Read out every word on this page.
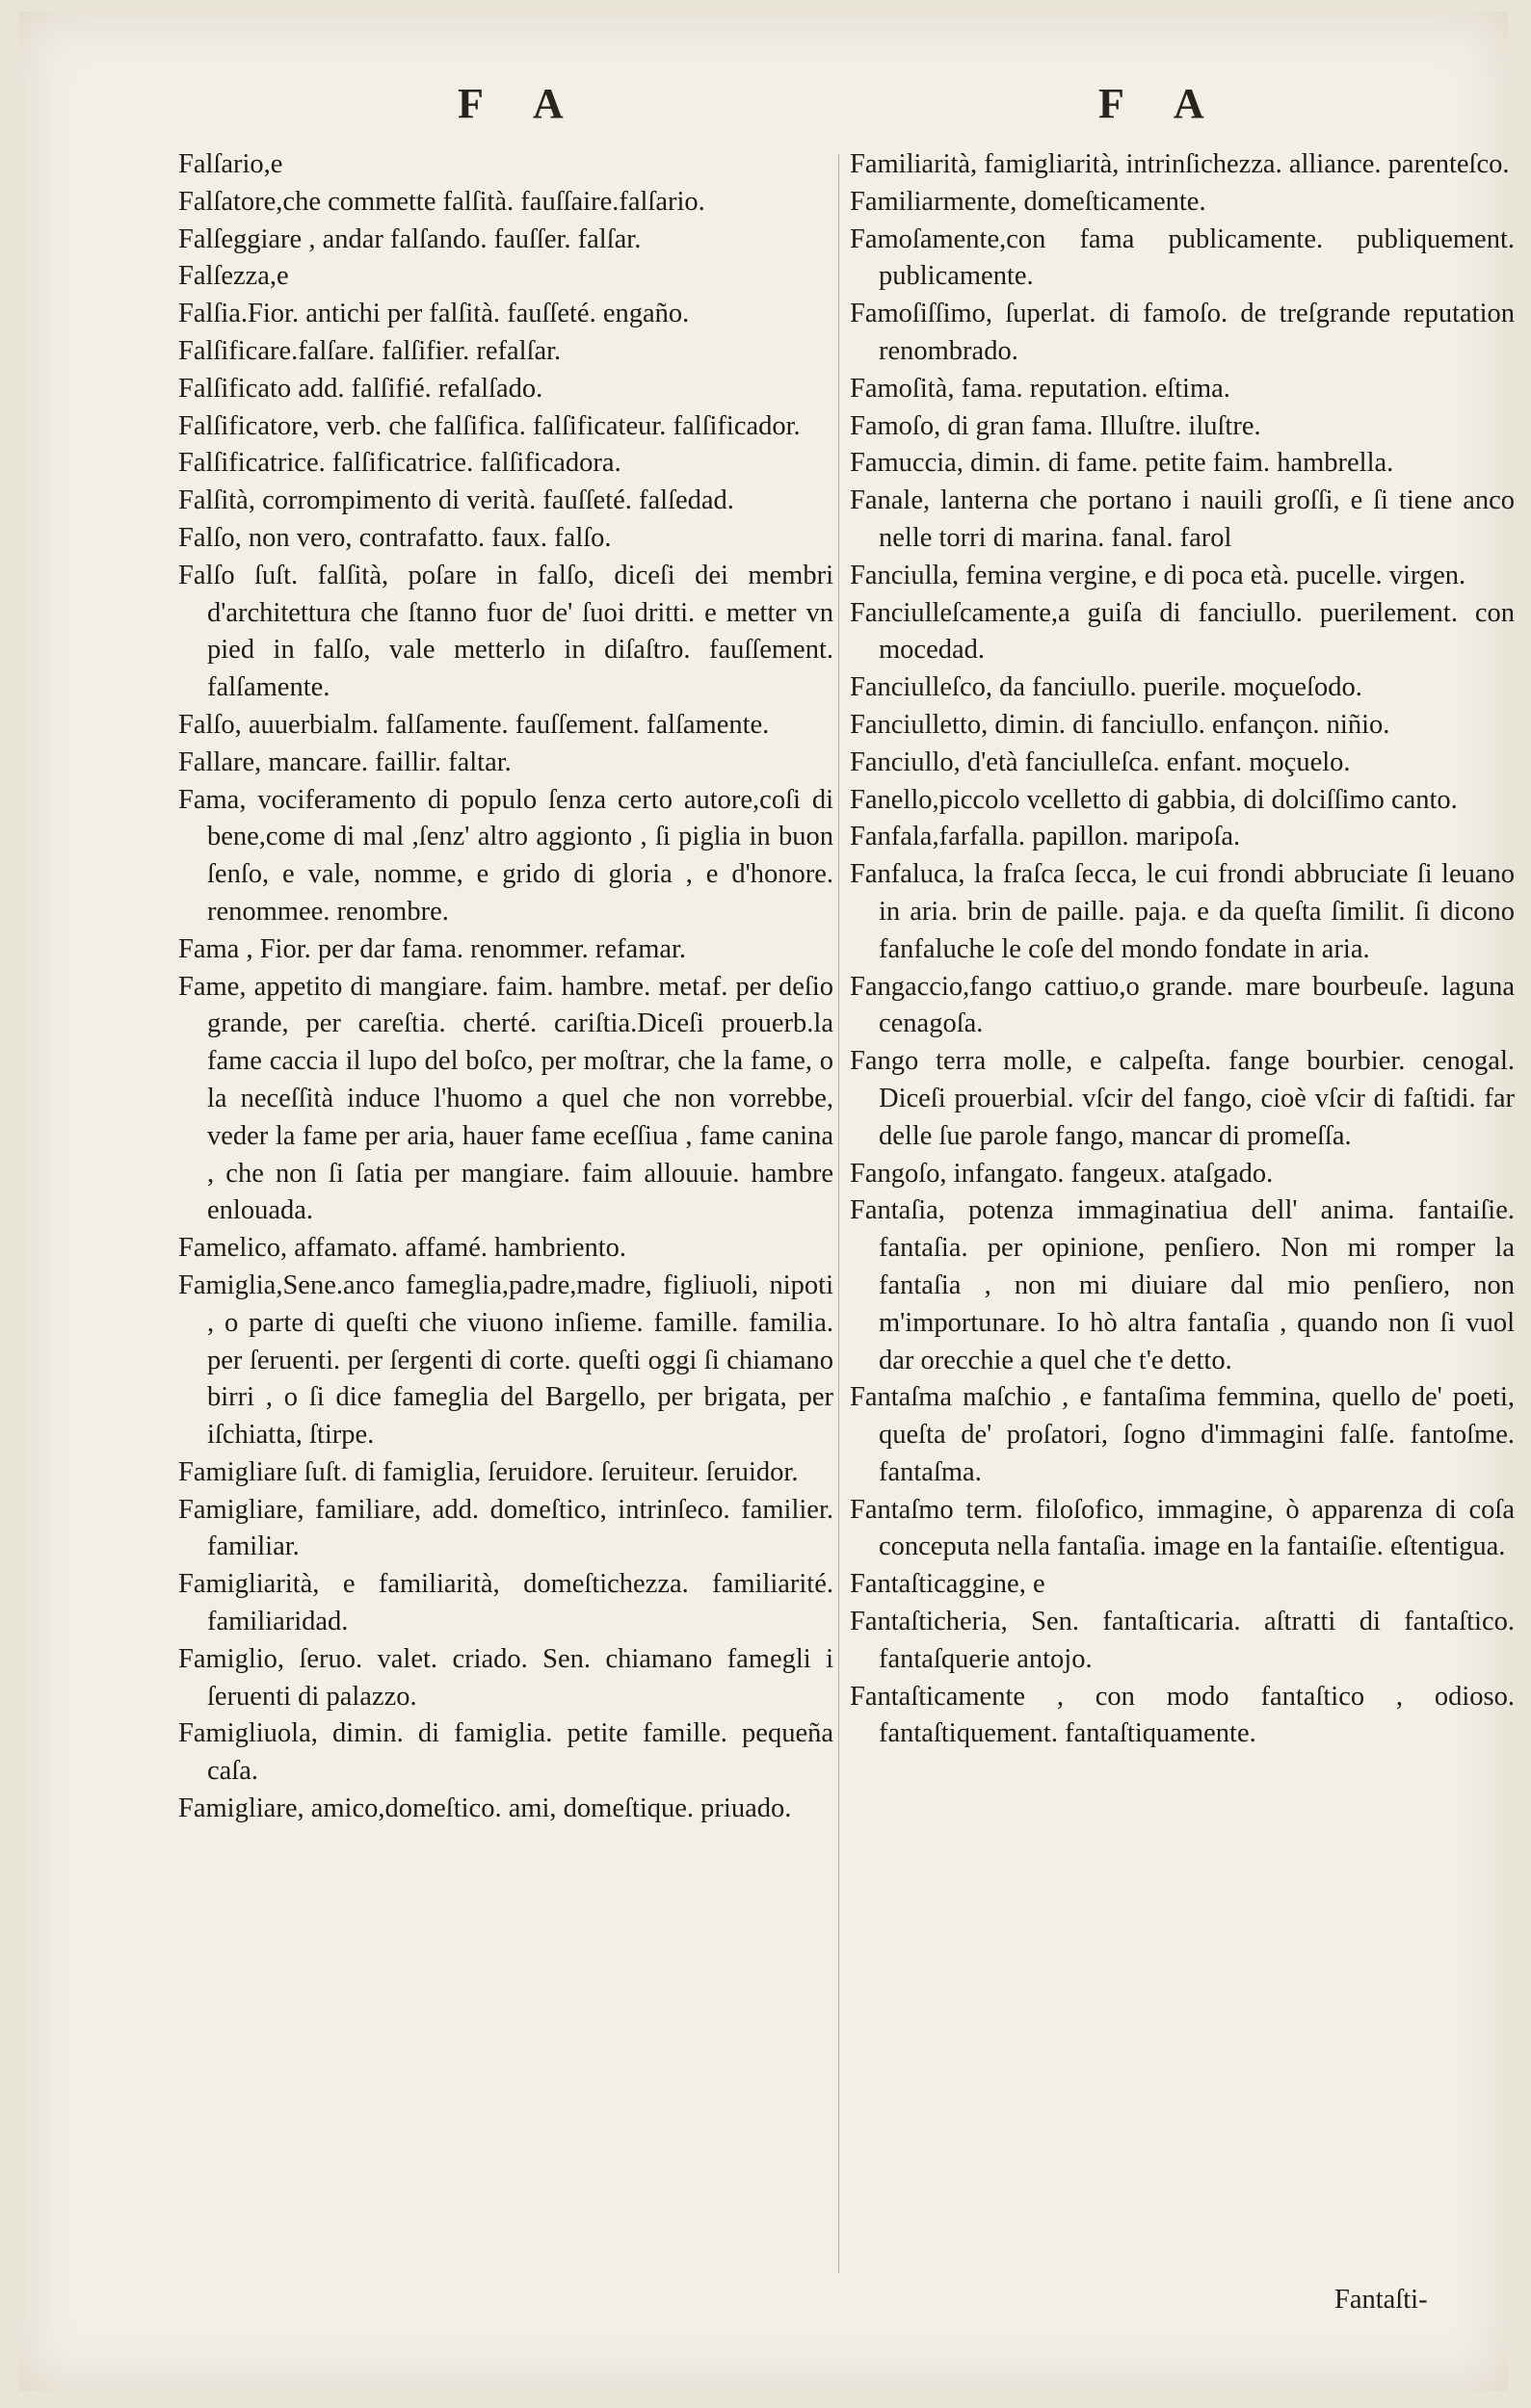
F A	F A

Falſario,e

Falſatore,che commette falſità. fauſſaire.falſario.

Falſeggiare , andar falſando. fauſſer. falſar.

Falſezza,e

Falſia.Fior. antichi per falſità. fauſſeté. engaño.

Falſificare.falſare. falſifier. refalſar.

Falſificato add. falſifié. refalſado.

Falſificatore, verb. che falſifica. falſificateur. falſificador.

Falſificatrice. falſificatrice. falſificadora.

Falſità, corrompimento di verità. fauſſeté. falſedad.

Falſo, non vero, contrafatto. faux. falſo.

Falſo ſuſt. falſità, poſare in falſo, diceſi dei membri d'architettura che ſtanno fuor de' ſuoi dritti. e metter vn pied in falſo, vale metterlo in diſaſtro. fauſſement. falſamente.

Falſo, auuerbialm. falſamente. fauſſement. falſamente.

Fallare, mancare. faillir. faltar.

Fama, vociferamento di populo ſenza certo autore,coſi di bene,come di mal ,ſenz' altro aggionto , ſi piglia in buon ſenſo, e vale, nomme, e grido di gloria , e d'honore. renommee. renombre.

Fama , Fior. per dar fama. renommer. refamar.

Fame, appetito di mangiare. faim. hambre. metaf. per deſio grande, per careſtia. cherté. cariſtia.Diceſi prouerb.la fame caccia il lupo del boſco, per moſtrar, che la fame, o la neceſſità induce l'huomo a quel che non vorrebbe, veder la fame per aria, hauer fame eceſſiua , fame canina , che non ſi ſatia per mangiare. faim allouuie. hambre enlouada.

Famelico, affamato. affamé. hambriento.

Famiglia,Sene.anco fameglia,padre,madre, figliuoli, nipoti , o parte di queſti che viuono inſieme. famille. familia. per ſeruenti. per ſergenti di corte. queſti oggi ſi chiamano birri , o ſi dice fameglia del Bargello, per brigata, per iſchiatta, ſtirpe.

Famigliare ſuſt. di famiglia, ſeruidore. ſeruiteur. ſeruidor.

Famigliare, familiare, add. domeſtico, intrinſeco. familier. familiar.

Famigliarità, e familiarità, domeſtichezza. familiarité. familiaridad.

Famiglio, ſeruo. valet. criado. Sen. chiamano famegli i ſeruenti di palazzo.

Famigliuola, dimin. di famiglia. petite famille. pequeña caſa.

Famigliare, amico,domeſtico. ami, domeſtique. priuado.

Familiarità, famigliarità, intrinſichezza. alliance. parenteſco.

Familiarmente, domeſticamente.

Famoſamente,con fama publicamente. publiquement. publicamente.

Famoſiſſimo, ſuperlat. di famoſo. de treſgrande reputation renombrado.

Famoſità, fama. reputation. eſtima.

Famoſo, di gran fama. Illuſtre. iluſtre.

Famuccia, dimin. di fame. petite faim. hambrella.

Fanale, lanterna che portano i nauili groſſi, e ſi tiene anco nelle torri di marina. fanal. farol

Fanciulla, femina vergine, e di poca età. pucelle. virgen.

Fanciulleſcamente,a guiſa di fanciullo. puerilement. con mocedad.

Fanciulleſco, da fanciullo. puerile. moçueſodo.

Fanciulletto, dimin. di fanciullo. enfançon. niñio.

Fanciullo, d'età fanciulleſca. enfant. moçuelo.

Fanello,piccolo vcelletto di gabbia, di dolciſſimo canto.

Fanfala,farfalla. papillon. maripoſa.

Fanfaluca, la fraſca ſecca, le cui frondi abbruciate ſi leuano in aria. brin de paille. paja. e da queſta ſimilit. ſi dicono fanfaluche le coſe del mondo fondate in aria.

Fangaccio,fango cattiuo,o grande. mare bourbeuſe. laguna cenagoſa.

Fango terra molle, e calpeſta. fange bourbier. cenogal. Diceſi prouerbial. vſcir del fango, cioè vſcir di faſtidi. far delle ſue parole fango, mancar di promeſſa.

Fangoſo, infangato. fangeux. ataſgado.

Fantaſia, potenza immaginatiua dell' anima. fantaiſie. fantaſia. per opinione, penſiero. Non mi romper la fantaſia , non mi diuiare dal mio penſiero, non m'importunare. Io hò altra fantaſia , quando non ſi vuol dar orecchie a quel che t'e detto.

Fantaſma maſchio , e fantaſima femmina, quello de' poeti, queſta de' proſatori, ſogno d'immagini falſe. fantoſme. fantaſma.

Fantaſmo term. filoſofico, immagine, ò apparenza di coſa conceputa nella fantaſia. image en la fantaiſie. eſtentigua.

Fantaſticaggine, e

Fantaſticheria, Sen. fantaſticaria. aſtratti di fantaſtico. fantaſquerie antojo.

Fantaſticamente , con modo fantaſtico , odioso. fantaſtiquement. fantaſtiquamente.

Fantaſti-
